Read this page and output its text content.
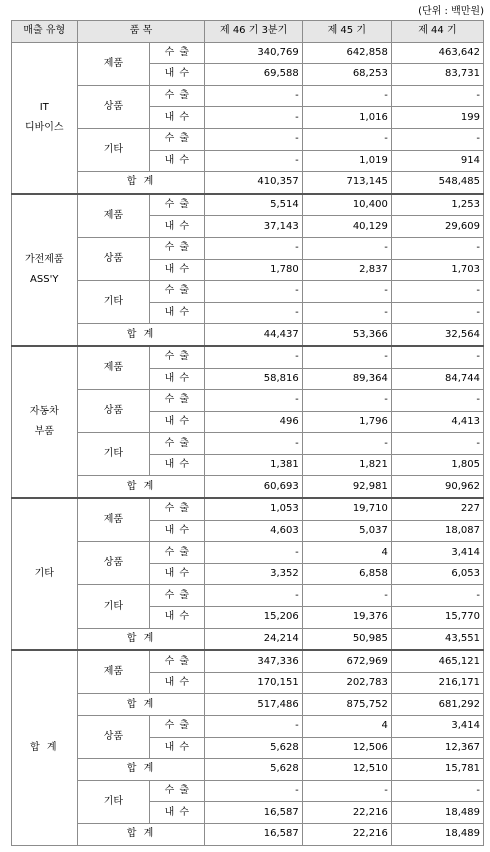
(단위 : 백만원)
매출 유형	품 목		제 46 기 3분기	제 45 기	제 44 기
IT
디바이스	제품	수 출	340,769	642,858	463,642
		내 수	69,588	68,253	83,731
	상품	수 출	-	-	-
		내 수	-	1,016	199
	기타	수 출	-	-	-
		내 수	-	1,019	914
	합 계		410,357	713,145	548,485
가전제품
ASS'Y	제품	수 출	5,514	10,400	1,253
		내 수	37,143	40,129	29,609
	상품	수 출	-	-	-
		내 수	1,780	2,837	1,703
	기타	수 출	-	-	-
		내 수	-	-	-
	합 계		44,437	53,366	32,564
자동차
부품	제품	수 출	-	-	-
		내 수	58,816	89,364	84,744
	상품	수 출	-	-	-
		내 수	496	1,796	4,413
	기타	수 출	-	-	-
		내 수	1,381	1,821	1,805
	합 계		60,693	92,981	90,962
기타	제품	수 출	1,053	19,710	227
		내 수	4,603	5,037	18,087
	상품	수 출	-	4	3,414
		내 수	3,352	6,858	6,053
	기타	수 출	-	-	-
		내 수	15,206	19,376	15,770
	합 계		24,214	50,985	43,551
합 계	제품	수 출	347,336	672,969	465,121
		내 수	170,151	202,783	216,171
	합 계		517,486	875,752	681,292
	상품	수 출	-	4	3,414
		내 수	5,628	12,506	12,367
	합 계		5,628	12,510	15,781
	기타	수 출	-	-	-
		내 수	16,587	22,216	18,489
	합 계		16,587	22,216	18,489
